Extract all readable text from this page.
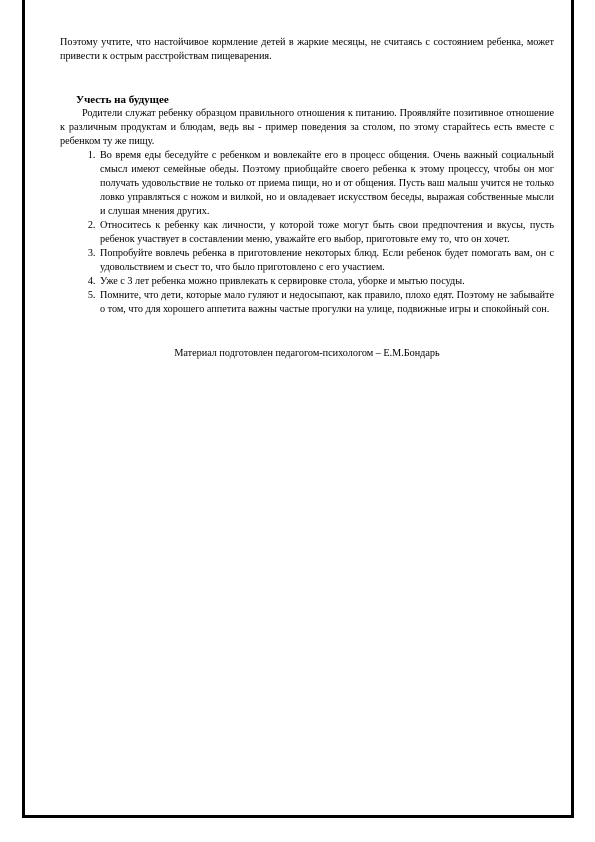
Поэтому учтите, что настойчивое кормление детей в жаркие месяцы, не считаясь с состоянием ребенка, может привести к острым расстройствам пищеварения.

Учесть на будущее

Родители служат ребенку образцом правильного отношения к питанию. Проявляйте позитивное отношение к различным продуктам и блюдам, ведь вы - пример поведения за столом, по этому старайтесь есть вместе с ребенком ту же пищу.

1. Во время еды беседуйте с ребенком и вовлекайте его в процесс общения. Очень важный социальный смысл имеют семейные обеды. Поэтому приобщайте своего ребенка к этому процессу, чтобы он мог получать удовольствие не только от приема пищи, но и от общения. Пусть ваш малыш учится не только ловко управляться с ножом и вилкой, но и овладевает искусством беседы, выражая собственные мысли и слушая мнения других.
2. Относитесь к ребенку как личности, у которой тоже могут быть свои предпочтения и вкусы, пусть ребенок участвует в составлении меню, уважайте его выбор, приготовьте ему то, что он хочет.
3. Попробуйте вовлечь ребенка в приготовление некоторых блюд. Если ребенок будет помогать вам, он с удовольствием и съест то, что было приготовлено с его участием.
4. Уже с 3 лет ребенка можно привлекать к сервировке стола, уборке и мытью посуды.
5. Помните, что дети, которые мало гуляют и недосыпают, как правило, плохо едят. Поэтому не забывайте о том, что для хорошего аппетита важны частые прогулки на улице, подвижные игры и спокойный сон.
Материал подготовлен педагогом-психологом – Е.М.Бондарь
